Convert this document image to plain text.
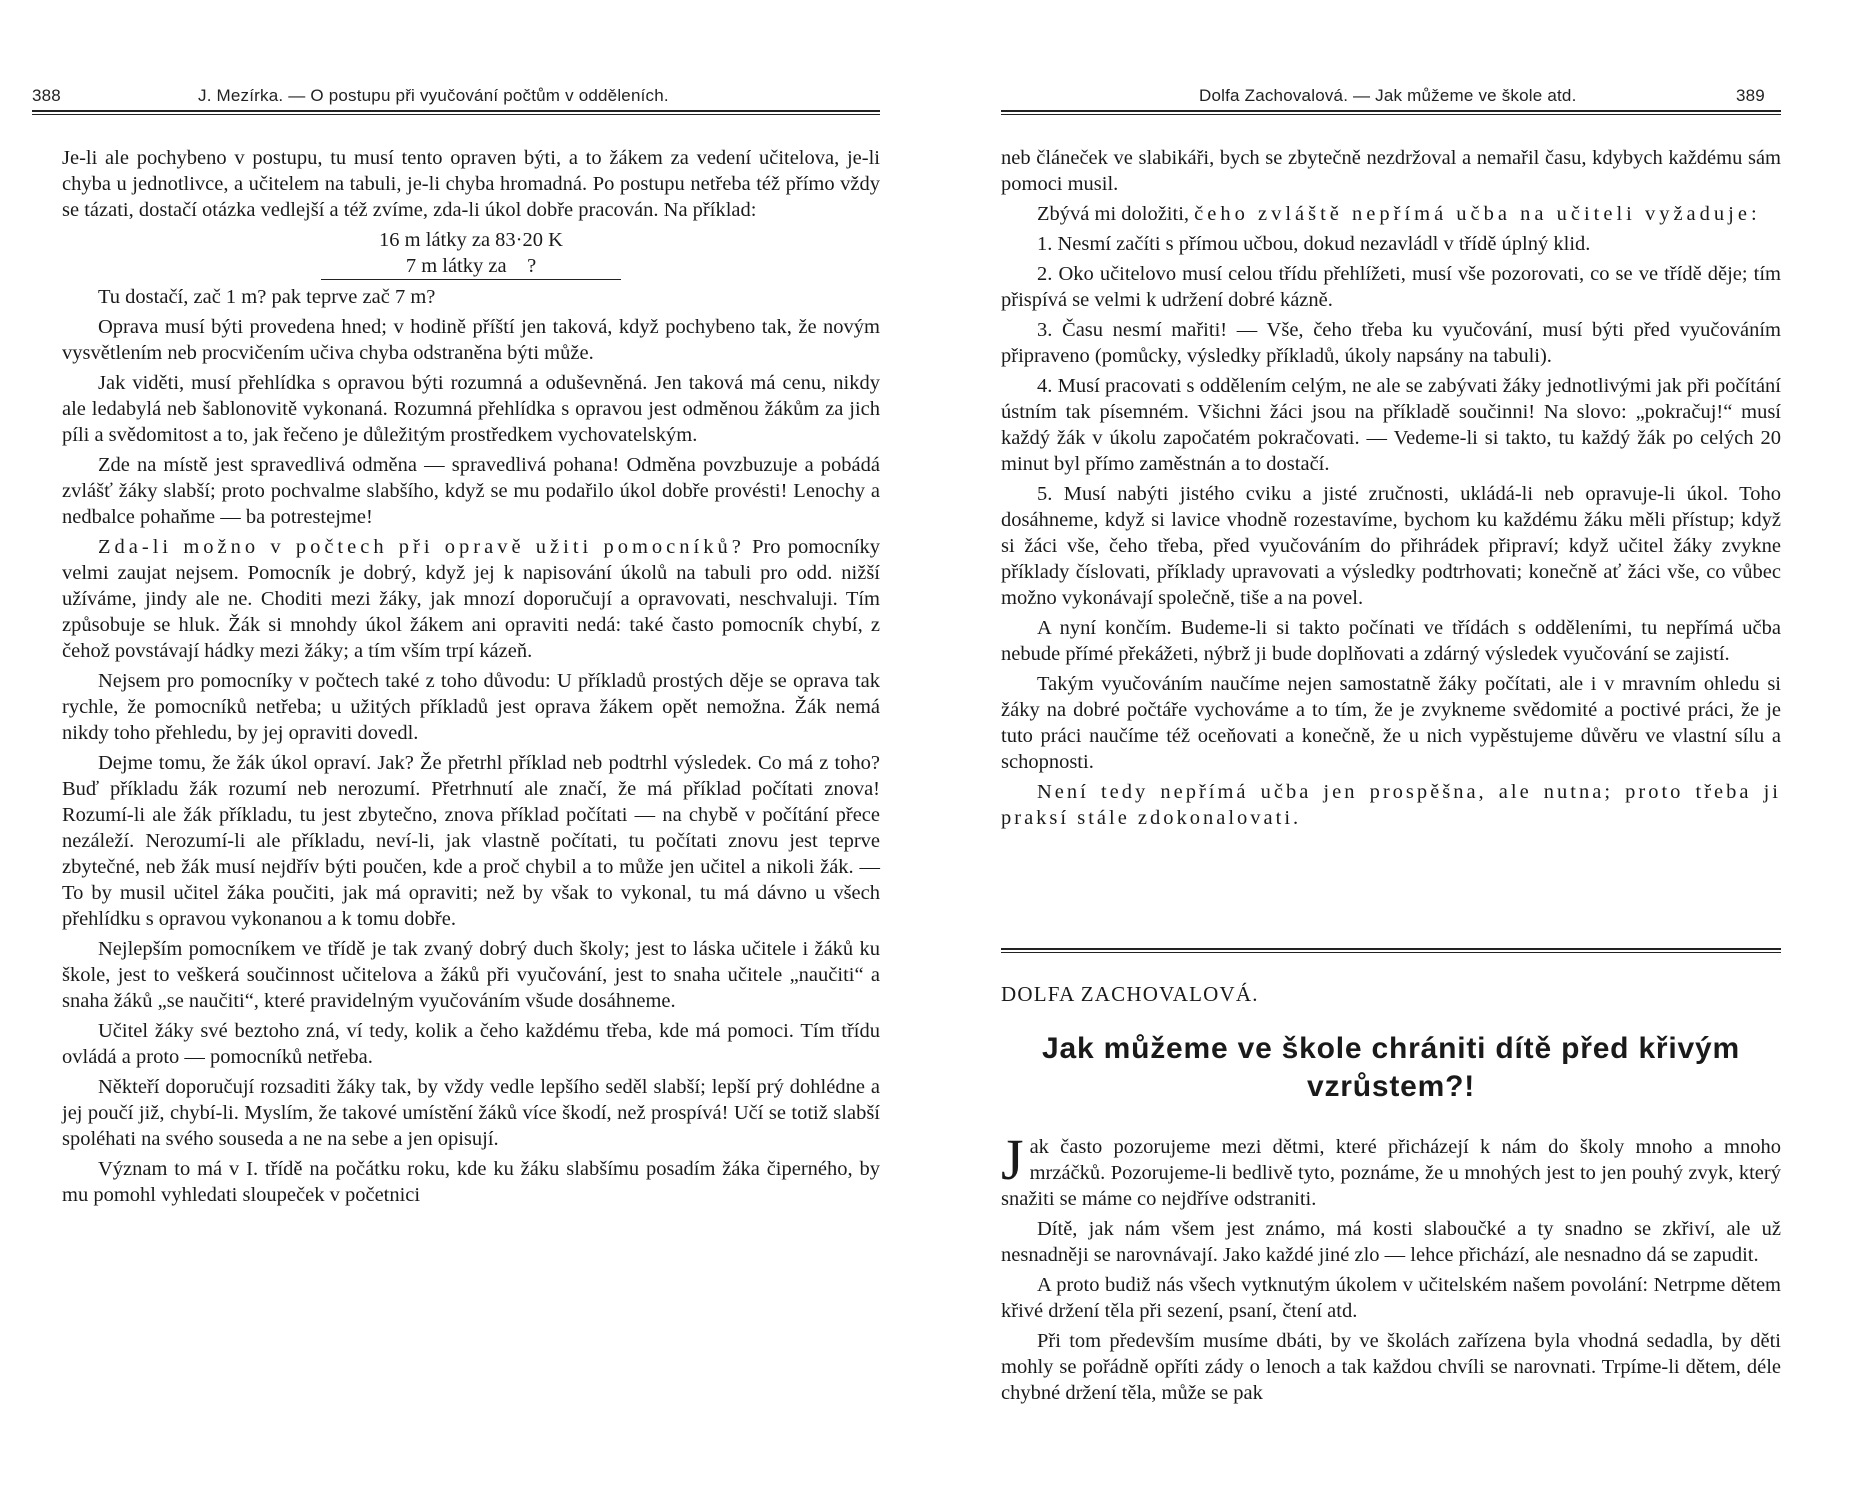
388	J. Mezírka. — O postupu při vyučování počtům v odděleních.

Je-li ale pochybeno v postupu, tu musí tento opraven býti, a to žákem za vedení učitelova, je-li chyba u jednotlivce, a učitelem na tabuli, je-li chyba hromadná. Po postupu netřeba též přímo vždy se tázati, dostačí otázka vedlejší a též zvíme, zda-li úkol dobře pracován. Na příklad:

16 m látky za 83·20 K
7 m látky za    ?

Tu dostačí, zač 1 m? pak teprve zač 7 m?

Oprava musí býti provedena hned; v hodině příští jen taková, když pochybeno tak, že novým vysvětlením neb procvičením učiva chyba odstraněna býti může.

Jak viděti, musí přehlídka s opravou býti rozumná a oduševněná. Jen taková má cenu, nikdy ale ledabylá neb šablonovitě vykonaná. Rozumná přehlídka s opravou jest odměnou žákům za jich píli a svědomitost a to, jak řečeno je důležitým prostředkem vychovatelským.

Zde na místě jest spravedlivá odměna — spravedlivá pohana! Odměna povzbuzuje a pobádá zvlášť žáky slabší; proto pochvalme slabšího, když se mu podařilo úkol dobře provésti! Lenochy a nedbalce pohaňme — ba potrestejme!

Zda-li možno v počtech při opravě užiti pomocníků? Pro pomocníky velmi zaujat nejsem. Pomocník je dobrý, když jej k napisování úkolů na tabuli pro odd. nižší užíváme, jindy ale ne. Choditi mezi žáky, jak mnozí doporučují a opravovati, neschvaluji. Tím způsobuje se hluk. Žák si mnohdy úkol žákem ani opraviti nedá: také často pomocník chybí, z čehož povstávají hádky mezi žáky; a tím vším trpí kázeň.

Nejsem pro pomocníky v počtech také z toho důvodu: U příkladů prostých děje se oprava tak rychle, že pomocníků netřeba; u užitých příkladů jest oprava žákem opět nemožna. Žák nemá nikdy toho přehledu, by jej opraviti dovedl.

Dejme tomu, že žák úkol opraví. Jak? Že přetrhl příklad neb podtrhl výsledek. Co má z toho? Buď příkladu žák rozumí neb nerozumí. Přetrhnutí ale značí, že má příklad počítati znova! Rozumí-li ale žák příkladu, tu jest zbytečno, znova příklad počítati — na chybě v počítání přece nezáleží. Nerozumí-li ale příkladu, neví-li, jak vlastně počítati, tu počítati znovu jest teprve zbytečné, neb žák musí nejdřív býti poučen, kde a proč chybil a to může jen učitel a nikoli žák. — To by musil učitel žáka poučiti, jak má opraviti; než by však to vykonal, tu má dávno u všech přehlídku s opravou vykonanou a k tomu dobře.

Nejlepším pomocníkem ve třídě je tak zvaný dobrý duch školy; jest to láska učitele i žáků ku škole, jest to veškerá součinnost učitelova a žáků při vyučování, jest to snaha učitele „naučiti“ a snaha žáků „se naučiti“, které pravidelným vyučováním všude dosáhneme.

Učitel žáky své beztoho zná, ví tedy, kolik a čeho každému třeba, kde má pomoci. Tím třídu ovládá a proto — pomocníků netřeba.

Někteří doporučují rozsaditi žáky tak, by vždy vedle lepšího seděl slabší; lepší prý dohlédne a jej poučí již, chybí-li. Myslím, že takové umístění žáků více škodí, než prospívá! Učí se totiž slabší spoléhati na svého souseda a ne na sebe a jen opisují.

Význam to má v I. třídě na počátku roku, kde ku žáku slabšímu posadím žáka čiperného, by mu pomohl vyhledati sloupeček v početnici

Dolfa Zachovalová. — Jak můžeme ve škole atd.	389

neb článeček ve slabikáři, bych se zbytečně nezdržoval a nemařil času, kdybych každému sám pomoci musil.

Zbývá mi doložiti, čeho zvláště nepřímá učba na učiteli vyžaduje:

1. Nesmí začíti s přímou učbou, dokud nezavládl v třídě úplný klid.

2. Oko učitelovo musí celou třídu přehlížeti, musí vše pozorovati, co se ve třídě děje; tím přispívá se velmi k udržení dobré kázně.

3. Času nesmí mařiti! — Vše, čeho třeba ku vyučování, musí býti před vyučováním připraveno (pomůcky, výsledky příkladů, úkoly napsány na tabuli).

4. Musí pracovati s oddělením celým, ne ale se zabývati žáky jednotlivými jak při počítání ústním tak písemném. Všichni žáci jsou na příkladě součinni! Na slovo: „pokračuj!“ musí každý žák v úkolu započatém pokračovati. — Vedeme-li si takto, tu každý žák po celých 20 minut byl přímo zaměstnán a to dostačí.

5. Musí nabýti jistého cviku a jisté zručnosti, ukládá-li neb opravuje-li úkol. Toho dosáhneme, když si lavice vhodně rozestavíme, bychom ku každému žáku měli přístup; když si žáci vše, čeho třeba, před vyučováním do přihrádek připraví; když učitel žáky zvykne příklady číslovati, příklady upravovati a výsledky podtrhovati; konečně ať žáci vše, co vůbec možno vykonávají společně, tiše a na povel.

A nyní končím. Budeme-li si takto počínati ve třídách s odděleními, tu nepřímá učba nebude přímé překážeti, nýbrž ji bude doplňovati a zdárný výsledek vyučování se zajistí.

Takým vyučováním naučíme nejen samostatně žáky počítati, ale i v mravním ohledu si žáky na dobré počtáře vychováme a to tím, že je zvykneme svědomité a poctivé práci, že je tuto práci naučíme též oceňovati a konečně, že u nich vypěstujeme důvěru ve vlastní sílu a schopnosti.

Není tedy nepřímá učba jen prospěšna, ale nutna; proto třeba ji praksí stále zdokonalovati.

DOLFA ZACHOVALOVÁ.
Jak můžeme ve škole chrániti dítě před křivým vzrůstem?!

Jak často pozorujeme mezi dětmi, které přicházejí k nám do školy mnoho a mnoho mrzáčků. Pozorujeme-li bedlivě tyto, poznáme, že u mnohých jest to jen pouhý zvyk, který snažiti se máme co nejdříve odstraniti.

Dítě, jak nám všem jest známo, má kosti slaboučké a ty snadno se zkřiví, ale už nesnadněji se narovnávají. Jako každé jiné zlo — lehce přichází, ale nesnadno dá se zapudit.

A proto budiž nás všech vytknutým úkolem v učitelském našem povolání: Netrpme dětem křivé držení těla při sezení, psaní, čtení atd.

Při tom především musíme dbáti, by ve školách zařízena byla vhodná sedadla, by děti mohly se pořádně opříti zády o lenoch a tak každou chvíli se narovnati. Trpíme-li dětem, déle chybné držení těla, může se pak
